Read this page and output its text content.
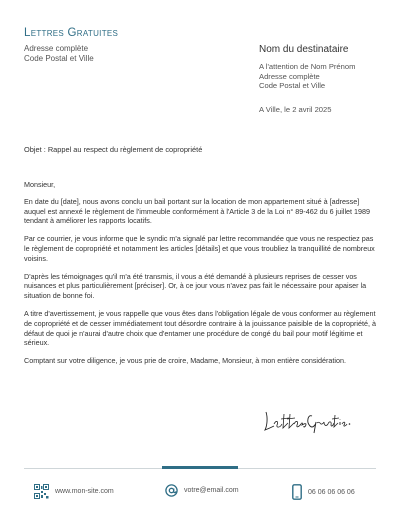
Lettres Gratuites
Adresse complète
Code Postal et Ville
Nom du destinataire
A l'attention de Nom Prénom
Adresse complète
Code Postal et Ville
A Ville, le 2 avril 2025
Objet : Rappel au respect du règlement de copropriété

Monsieur,

En date du [date], nous avons conclu un bail portant sur la location de mon appartement situé à [adresse] auquel est annexé le règlement de l'immeuble conformément à l'Article 3 de la Loi n° 89-462 du 6 juillet 1989 tendant à améliorer les rapports locatifs.

Par ce courrier, je vous informe que le syndic m'a signalé par lettre recommandée que vous ne respectiez pas le règlement de copropriété et notamment les articles [détails] et que vous troubliez la tranquillité de nombreux voisins.

D'après les témoignages qu'il m'a été transmis, il vous a été demandé à plusieurs reprises de cesser vos nuisances et plus particulièrement [préciser]. Or, à ce jour vous n'avez pas fait le nécessaire pour apaiser la situation de bonne foi.

A titre d'avertissement, je vous rappelle que vous êtes dans l'obligation légale de vous conformer au règlement de copropriété et de cesser immédiatement tout désordre contraire à la jouissance paisible de la copropriété, à défaut de quoi je n'aurai d'autre choix que d'entamer une procédure de congé du bail pour motif légitime et sérieux.

Comptant sur votre diligence, je vous prie de croire, Madame, Monsieur, à mon entière considération.

www.mon-site.com	votre@email.com	06 06 06 06 06
